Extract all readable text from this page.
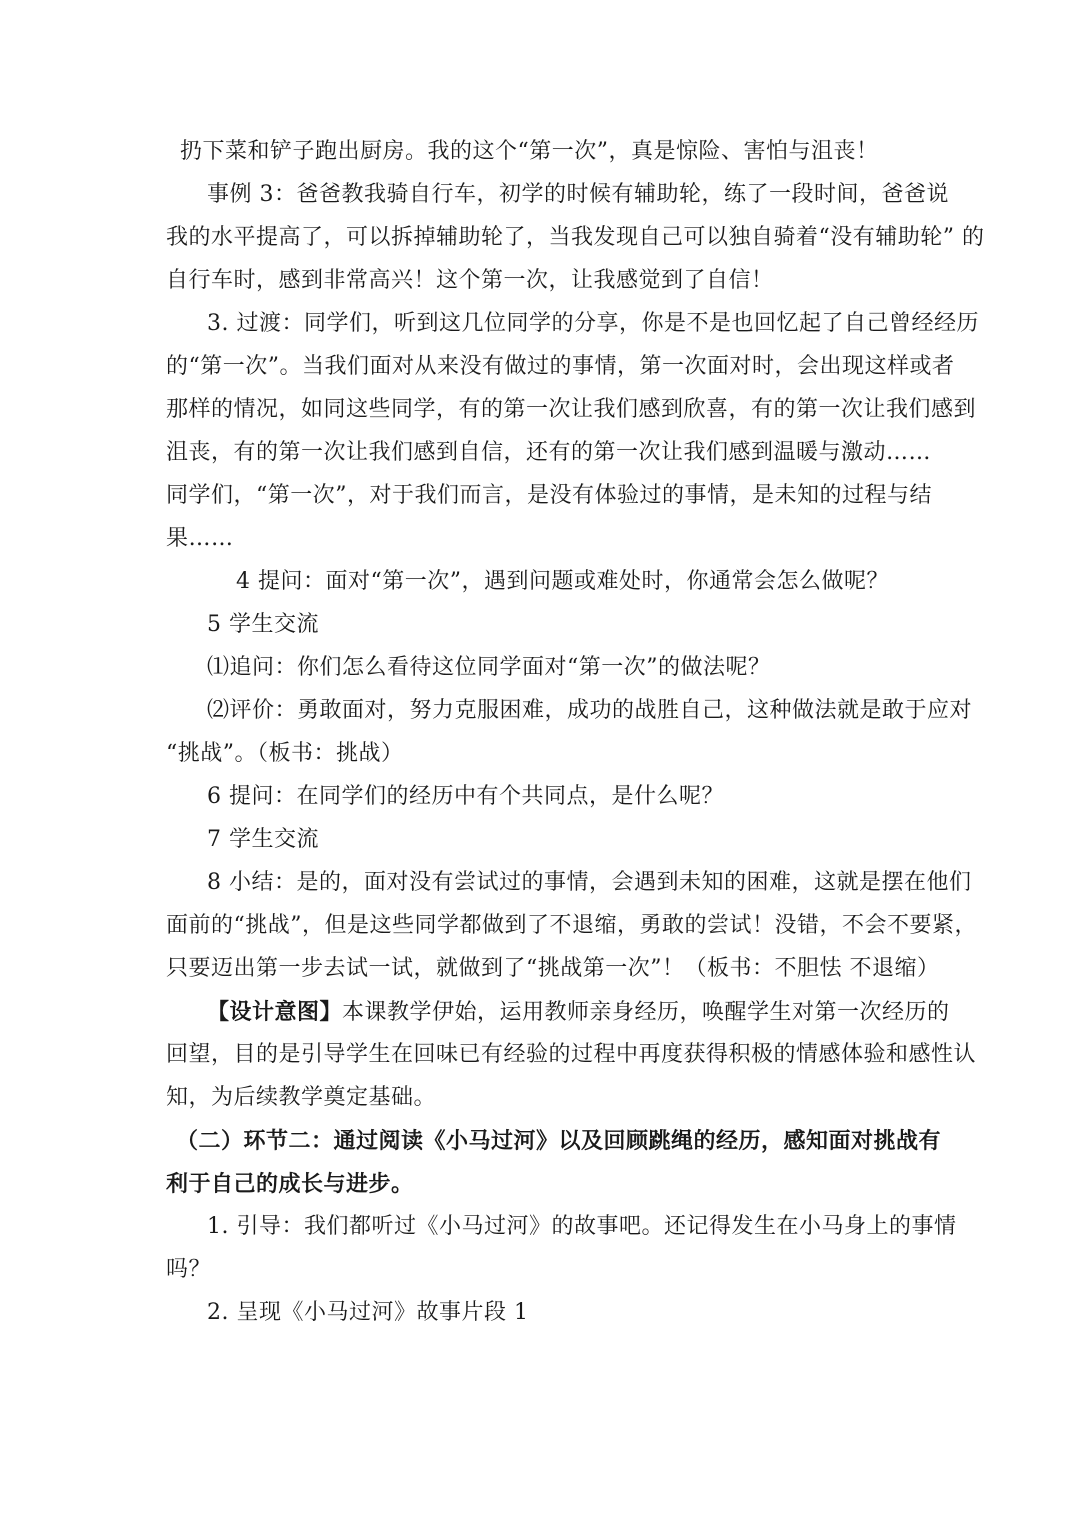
扔下菜和铲子跑出厨房。我的这个“第一次”，真是惊险、害怕与沮丧！
事例 3：爸爸教我骑自行车，初学的时候有辅助轮，练了一段时间，爸爸说
我的水平提高了，可以拆掉辅助轮了，当我发现自己可以独自骑着“没有辅助轮” 的
自行车时，感到非常高兴！这个第一次，让我感觉到了自信！
3. 过渡：同学们，听到这几位同学的分享，你是不是也回忆起了自己曾经经历
的“第一次”。当我们面对从来没有做过的事情，第一次面对时，会出现这样或者
那样的情况，如同这些同学，有的第一次让我们感到欣喜，有的第一次让我们感到
沮丧，有的第一次让我们感到自信，还有的第一次让我们感到温暖与激动……
同学们，“第一次”，对于我们而言，是没有体验过的事情，是未知的过程与结
果……
4 提问：面对“第一次”，遇到问题或难处时，你通常会怎么做呢？
5 学生交流
⑴追问：你们怎么看待这位同学面对“第一次”的做法呢？
⑵评价：勇敢面对，努力克服困难，成功的战胜自己，这种做法就是敢于应对
“挑战”。（板书：挑战）
6 提问：在同学们的经历中有个共同点，是什么呢？
7 学生交流
8 小结：是的，面对没有尝试过的事情，会遇到未知的困难，这就是摆在他们
面前的“挑战”，但是这些同学都做到了不退缩，勇敢的尝试！没错，不会不要紧，
只要迈出第一步去试一试，就做到了“挑战第一次”！（板书：不胆怯 不退缩）
【设计意图】本课教学伊始，运用教师亲身经历，唤醒学生对第一次经历的
回望，目的是引导学生在回味已有经验的过程中再度获得积极的情感体验和感性认
知，为后续教学奠定基础。
（二）环节二：通过阅读《小马过河》以及回顾跳绳的经历，感知面对挑战有
利于自己的成长与进步。
1. 引导：我们都听过《小马过河》的故事吧。还记得发生在小马身上的事情
吗？
2. 呈现《小马过河》故事片段 1
